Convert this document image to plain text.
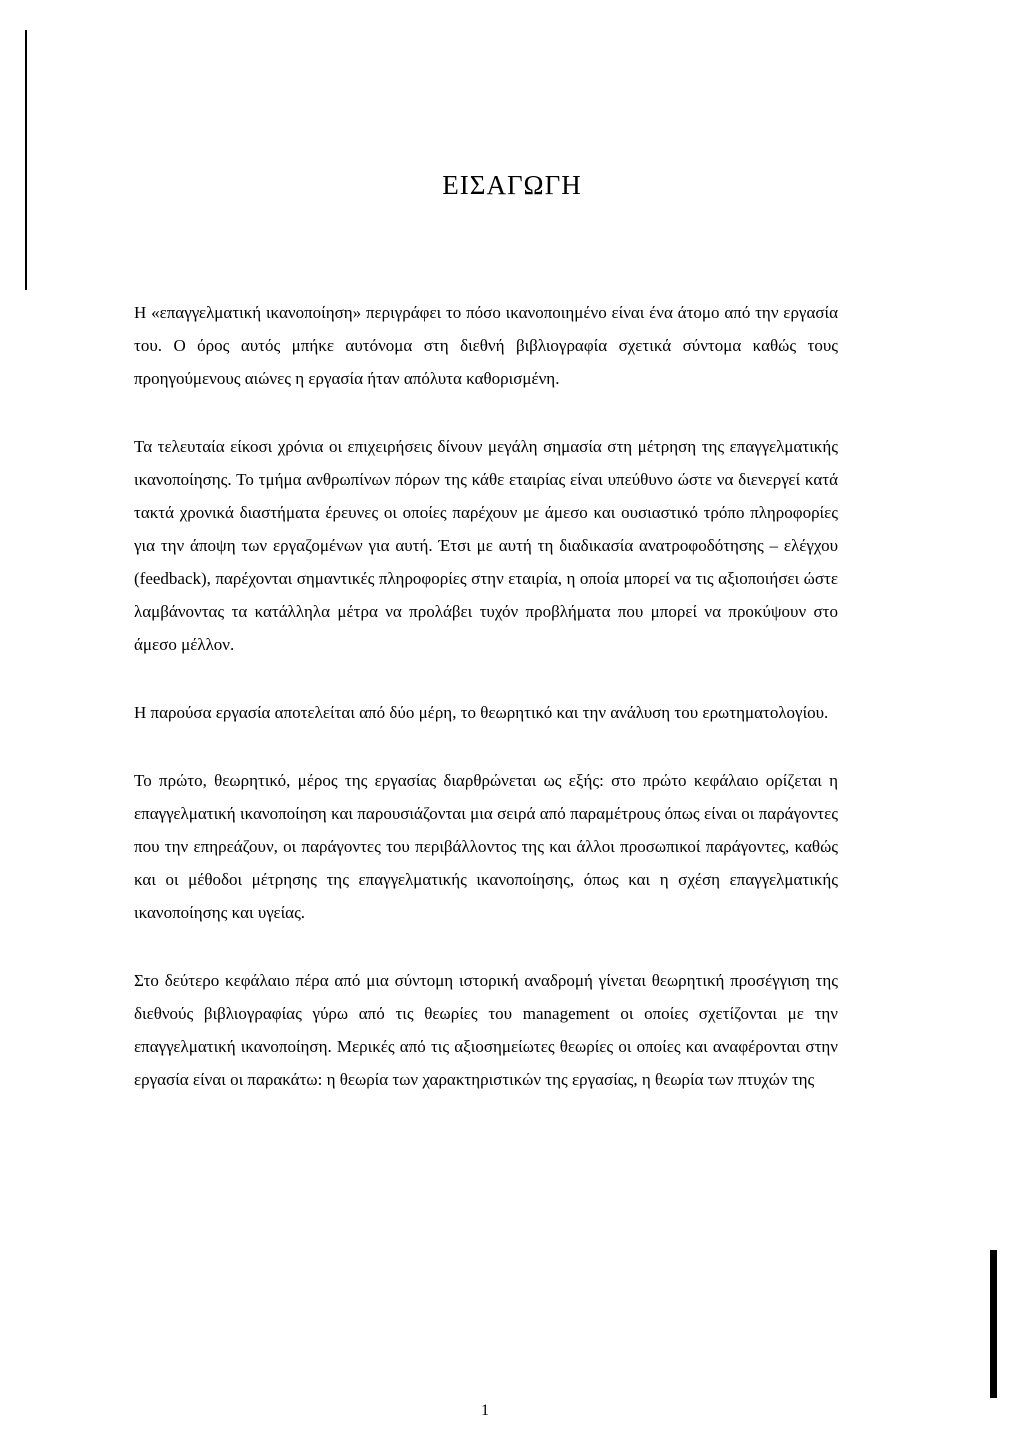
ΕΙΣΑΓΩΓΗ

Η «επαγγελματική ικανοποίηση» περιγράφει το πόσο ικανοποιημένο είναι ένα άτομο από την εργασία του. Ο όρος αυτός μπήκε αυτόνομα στη διεθνή βιβλιογραφία σχετικά σύντομα καθώς τους προηγούμενους αιώνες η εργασία ήταν απόλυτα καθορισμένη.

Τα τελευταία είκοσι χρόνια οι επιχειρήσεις δίνουν μεγάλη σημασία στη μέτρηση της επαγγελματικής ικανοποίησης. Το τμήμα ανθρωπίνων πόρων της κάθε εταιρίας είναι υπεύθυνο ώστε να διενεργεί κατά τακτά χρονικά διαστήματα έρευνες οι οποίες παρέχουν με άμεσο και ουσιαστικό τρόπο πληροφορίες για την άποψη των εργαζομένων για αυτή. Έτσι με αυτή τη διαδικασία ανατροφοδότησης – ελέγχου (feedback), παρέχονται σημαντικές πληροφορίες στην εταιρία, η οποία μπορεί να τις αξιοποιήσει ώστε λαμβάνοντας τα κατάλληλα μέτρα να προλάβει τυχόν προβλήματα που μπορεί να προκύψουν στο άμεσο μέλλον.

Η παρούσα εργασία αποτελείται από δύο μέρη, το θεωρητικό και την ανάλυση του ερωτηματολογίου.

Το πρώτο, θεωρητικό, μέρος της εργασίας διαρθρώνεται ως εξής: στο πρώτο κεφάλαιο ορίζεται η επαγγελματική ικανοποίηση και παρουσιάζονται μια σειρά από παραμέτρους όπως είναι οι παράγοντες που την επηρεάζουν, οι παράγοντες του περιβάλλοντος της και άλλοι προσωπικοί παράγοντες, καθώς και οι μέθοδοι μέτρησης της επαγγελματικής ικανοποίησης, όπως και η σχέση επαγγελματικής ικανοποίησης και υγείας.

Στο δεύτερο κεφάλαιο πέρα από μια σύντομη ιστορική αναδρομή γίνεται θεωρητική προσέγγιση της διεθνούς βιβλιογραφίας γύρω από τις θεωρίες του management οι οποίες σχετίζονται με την επαγγελματική ικανοποίηση. Μερικές από τις αξιοσημείωτες θεωρίες οι οποίες και αναφέρονται στην εργασία είναι οι παρακάτω: η θεωρία των χαρακτηριστικών της εργασίας, η θεωρία των πτυχών της

1
